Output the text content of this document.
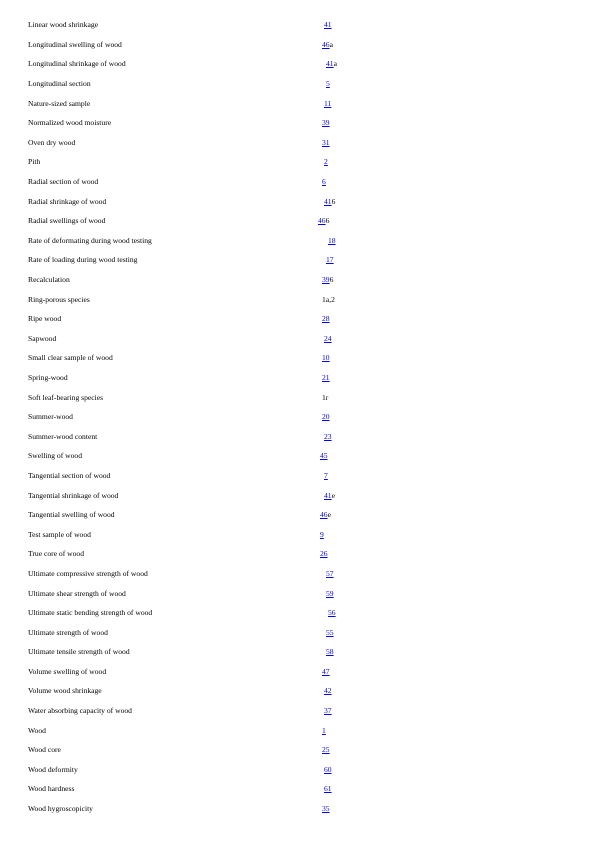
Linear wood shrinkage	41
Longitudinal swelling of wood	46a
Longitudinal shrinkage of wood	41a
Longitudinal section	5
Nature-sized sample	11
Normalized wood moisture	39
Oven dry wood	31
Pith	2
Radial section of wood	6
Radial shrinkage of wood	416
Radial swellings of wood	466
Rate of deformating during wood testing	18
Rate of loading during wood testing	17
Recalculation	396
Ring-porous species	1a,2
Ripe wood	28
Sapwood	24
Small clear sample of wood	10
Spring-wood	21
Soft leaf-bearing species	1r
Summer-wood	20
Summer-wood content	23
Swelling of wood	45
Tangential section of wood	7
Tangential shrinkage of wood	41e
Tangential swelling of wood	46e
Test sample of wood	9
True core of wood	26
Ultimate compressive strength of wood	57
Ultimate shear strength of wood	59
Ultimate static bending strength of wood	56
Ultimate strength of wood	55
Ultimate tensile strength of wood	58
Volume swelling of wood	47
Volume wood shrinkage	42
Water absorbing capacity of wood	37
Wood	1
Wood core	25
Wood deformity	60
Wood hardness	61
Wood hygroscopicity	35
